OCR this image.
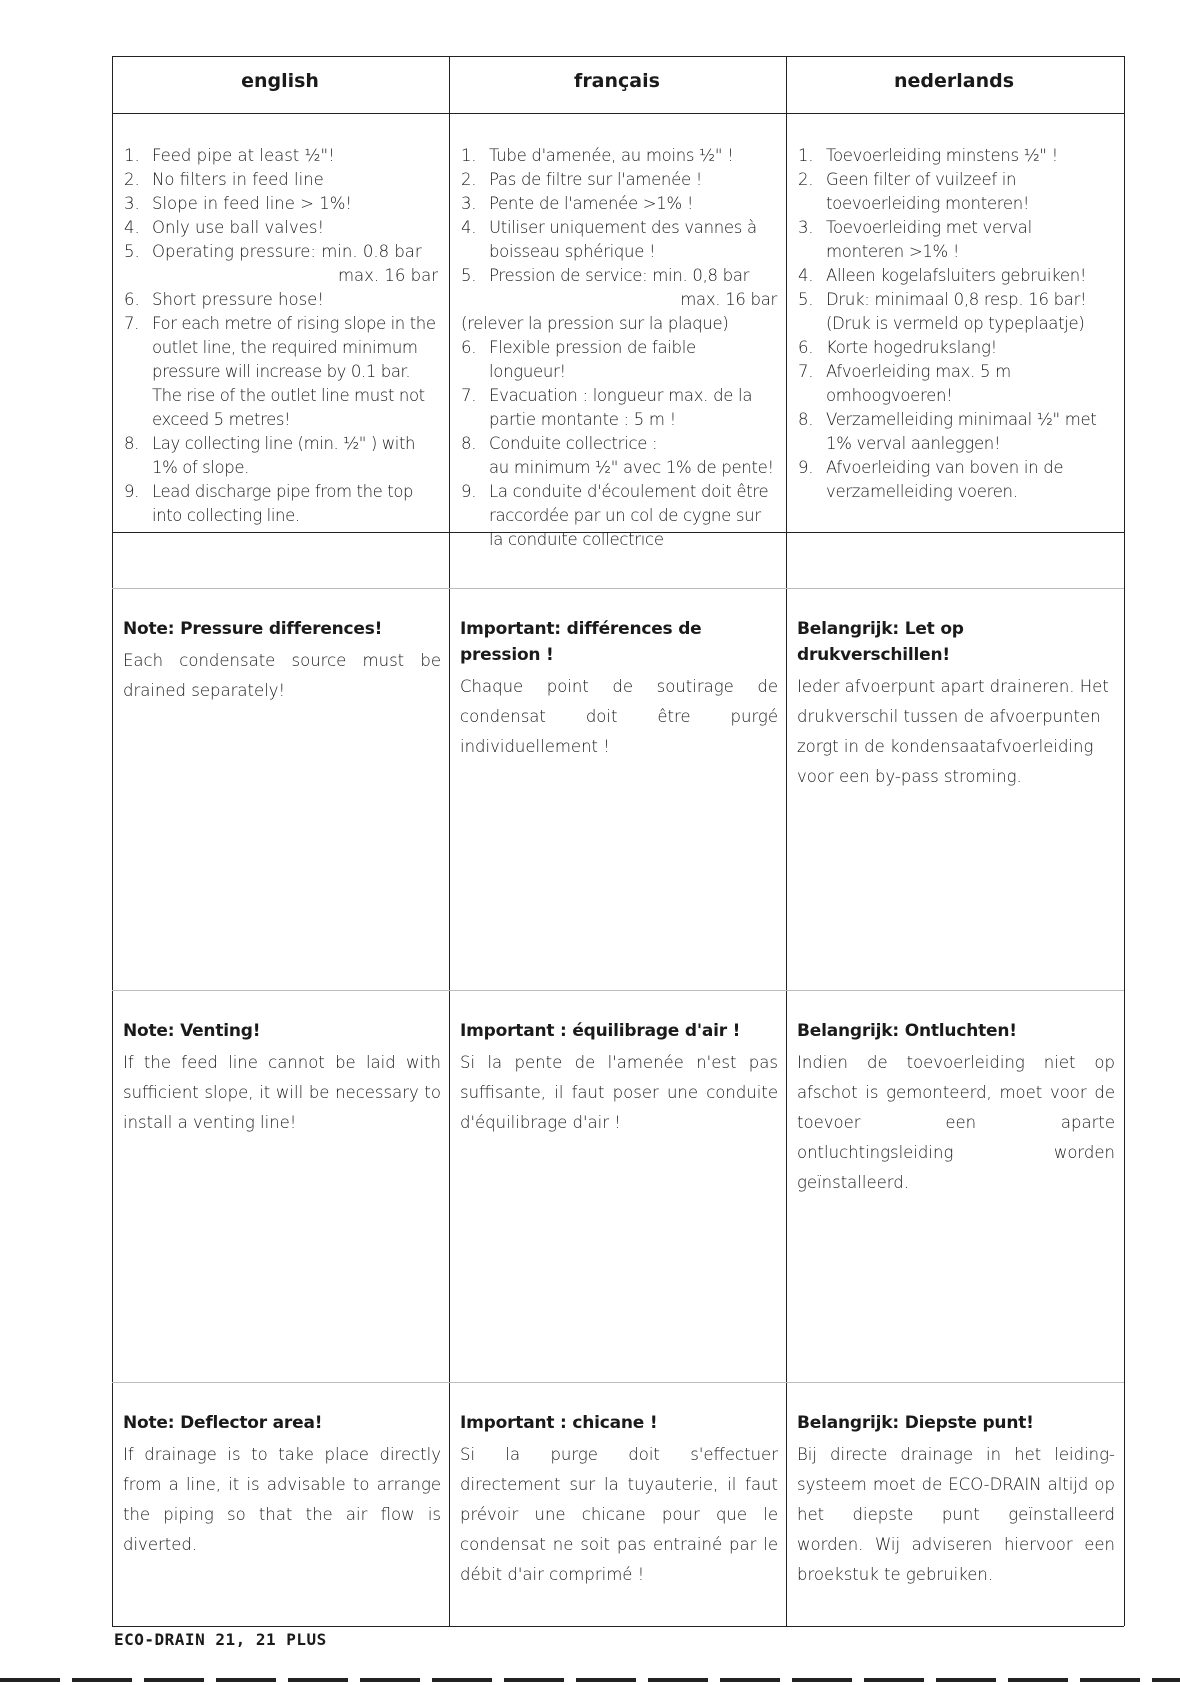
english	français	nederlands
1. Feed pipe at least ½"!
2. No filters in feed line
3. Slope in feed line > 1%!
4. Only use ball valves!
5. Operating pressure: min. 0.8 bar
max. 16 bar
6. Short pressure hose!
7. For each metre of rising slope in the outlet line, the required minimum pressure will increase by 0.1 bar.
The rise of the outlet line must not exceed 5 metres!
8. Lay collecting line (min. ½" ) with 1% of slope.
9. Lead discharge pipe from the top into collecting line.
1. Tube d'amenée, au moins ½" !
2. Pas de filtre sur l'amenée !
3. Pente de l'amenée >1% !
4. Utiliser uniquement des vannes à boisseau sphérique !
5. Pression de service: min. 0,8 bar
max. 16 bar
(relever la pression sur la plaque)
6. Flexible pression de faible longueur!
7. Evacuation : longueur max. de la partie montante : 5 m !
8. Conduite collectrice :
au minimum ½" avec 1% de pente!
9. La conduite d'écoulement doit être raccordée par un col de cygne sur la conduite collectrice
1. Toevoerleiding minstens ½" !
2. Geen filter of vuilzeef in toevoerleiding monteren!
3. Toevoerleiding met verval monteren >1% !
4. Alleen kogelafsluiters gebruiken!
5. Druk: minimaal 0,8 resp. 16 bar! (Druk is vermeld op typeplaatje)
6. Korte hogedrukslang!
7. Afvoerleiding max. 5 m omhoogvoeren!
8. Verzamelleiding minimaal ½" met 1% verval aanleggen!
9. Afvoerleiding van boven in de verzamelleiding voeren.
Note: Pressure differences!
Each condensate source must be drained separately!
Important: différences de pression !
Chaque point de soutirage de condensat doit être purgé individuellement !
Belangrijk: Let op drukverschillen!
Ieder afvoerpunt apart draineren. Het drukverschil tussen de afvoerpunten zorgt in de kondensaatafvoerleiding voor een by-pass stroming.
Note: Venting!
If the feed line cannot be laid with sufficient slope, it will be necessary to install a venting line!
Important : équilibrage d'air !
Si la pente de l'amenée n'est pas suffisante, il faut poser une conduite d'équilibrage d'air !
Belangrijk: Ontluchten!
Indien de toevoerleiding niet op afschot is gemonteerd, moet voor de toevoer een aparte ontluchtingsleiding worden geïnstalleerd.
Note: Deflector area!
If drainage is to take place directly from a line, it is advisable to arrange the piping so that the air flow is diverted.
Important : chicane !
Si la purge doit s'effectuer directement sur la tuyauterie, il faut prévoir une chicane pour que le condensat ne soit pas entrainé par le débit d'air comprimé !
Belangrijk: Diepste punt!
Bij directe drainage in het leiding-systeem moet de ECO-DRAIN altijd op het diepste punt geïnstalleerd worden. Wij adviseren hiervoor een broekstuk te gebruiken.
ECO-DRAIN 21, 21 PLUS
